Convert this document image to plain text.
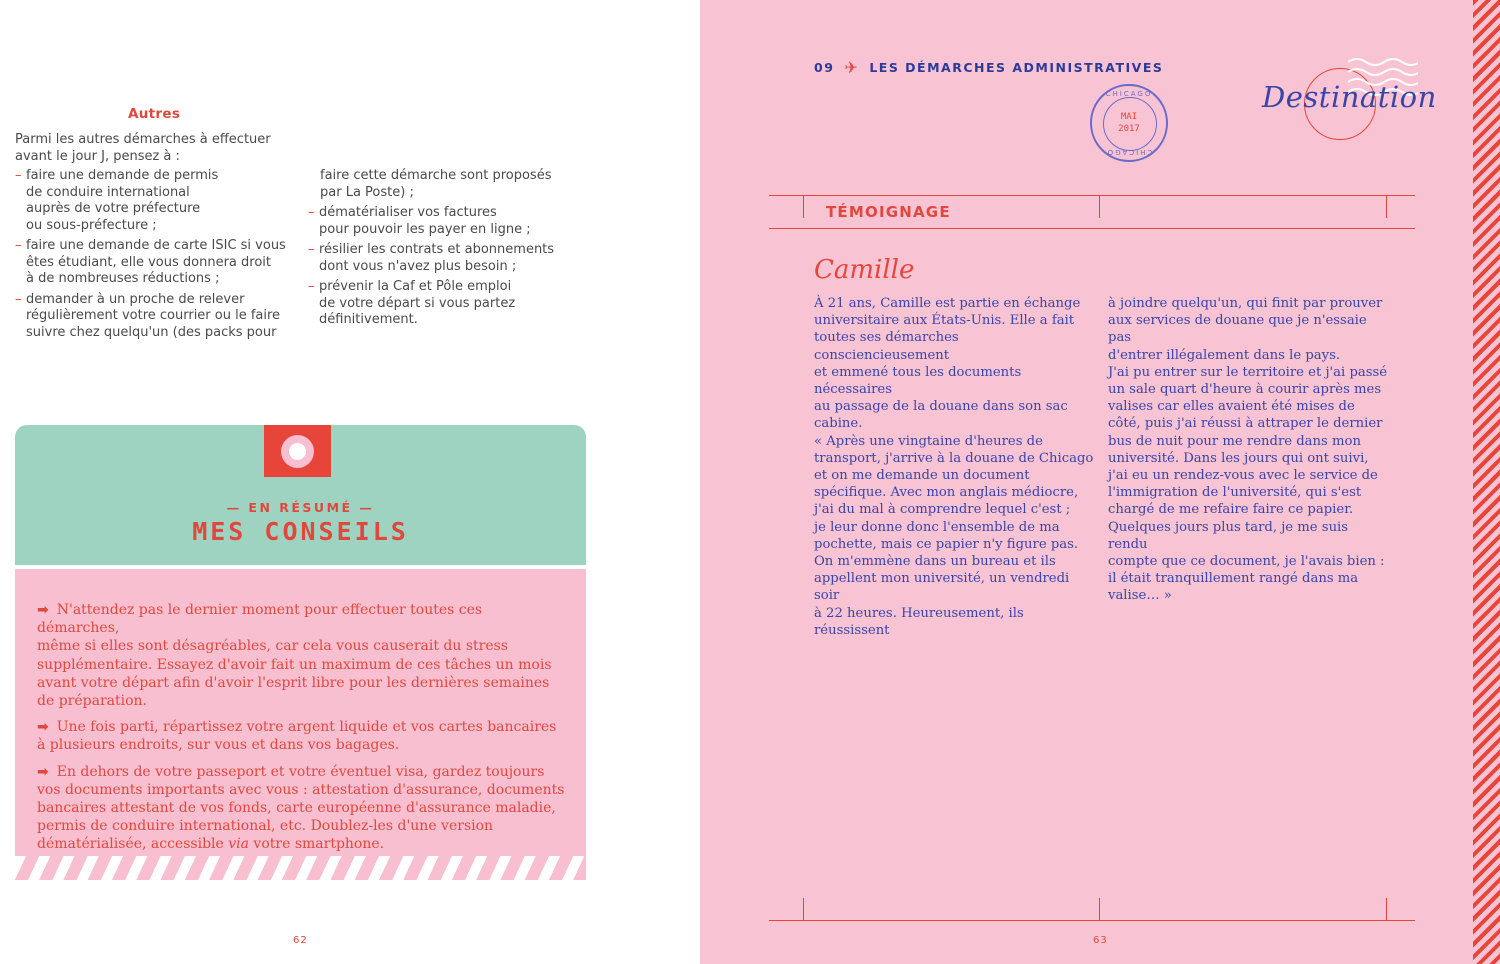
Autres
Parmi les autres démarches à effectuer
avant le jour J, pensez à :
– faire une demande de permis
de conduire international
auprès de votre préfecture
ou sous-préfecture ;
– faire une demande de carte ISIC si vous
êtes étudiant, elle vous donnera droit
à de nombreuses réductions ;
– demander à un proche de relever
régulièrement votre courrier ou le faire
suivre chez quelqu'un (des packs pour
faire cette démarche sont proposés
par La Poste) ;
– dématérialiser vos factures
pour pouvoir les payer en ligne ;
– résilier les contrats et abonnements
dont vous n'avez plus besoin ;
– prévenir la Caf et Pôle emploi
de votre départ si vous partez
définitivement.
— EN RÉSUMÉ —
MES CONSEILS
➡ N'attendez pas le dernier moment pour effectuer toutes ces démarches,
même si elles sont désagréables, car cela vous causerait du stress
supplémentaire. Essayez d'avoir fait un maximum de ces tâches un mois
avant votre départ afin d'avoir l'esprit libre pour les dernières semaines
de préparation.
➡ Une fois parti, répartissez votre argent liquide et vos cartes bancaires
à plusieurs endroits, sur vous et dans vos bagages.
➡ En dehors de votre passeport et votre éventuel visa, gardez toujours
vos documents importants avec vous : attestation d'assurance, documents
bancaires attestant de vos fonds, carte européenne d'assurance maladie,
permis de conduire international, etc. Doublez-les d'une version
dématérialisée, accessible via votre smartphone.
62
09 ✈ LES DÉMARCHES ADMINISTRATIVES
CHICAGO
MAI
2017
CHICAGO
Destination
TÉMOIGNAGE
Camille
À 21 ans, Camille est partie en échange
universitaire aux États-Unis. Elle a fait
toutes ses démarches consciencieusement
et emmené tous les documents nécessaires
au passage de la douane dans son sac
cabine.
« Après une vingtaine d'heures de
transport, j'arrive à la douane de Chicago
et on me demande un document
spécifique. Avec mon anglais médiocre,
j'ai du mal à comprendre lequel c'est ;
je leur donne donc l'ensemble de ma
pochette, mais ce papier n'y figure pas.
On m'emmène dans un bureau et ils
appellent mon université, un vendredi soir
à 22 heures. Heureusement, ils réussissent
à joindre quelqu'un, qui finit par prouver
aux services de douane que je n'essaie pas
d'entrer illégalement dans le pays.
J'ai pu entrer sur le territoire et j'ai passé
un sale quart d'heure à courir après mes
valises car elles avaient été mises de
côté, puis j'ai réussi à attraper le dernier
bus de nuit pour me rendre dans mon
université. Dans les jours qui ont suivi,
j'ai eu un rendez-vous avec le service de
l'immigration de l'université, qui s'est
chargé de me refaire faire ce papier.
Quelques jours plus tard, je me suis rendu
compte que ce document, je l'avais bien :
il était tranquillement rangé dans ma
valise… »
63
